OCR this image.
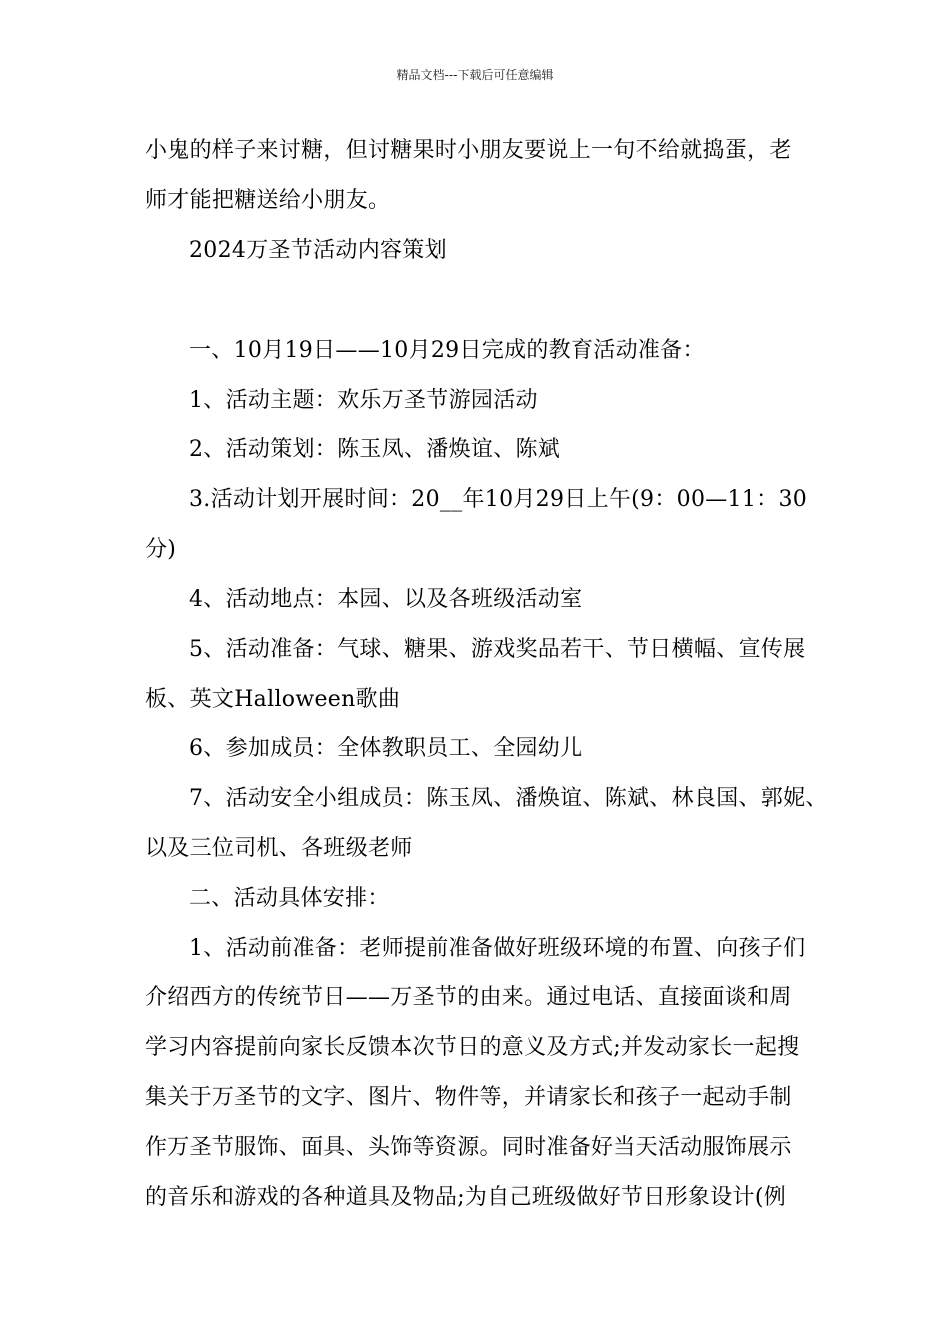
精品文档---下载后可任意编辑
小鬼的样子来讨糖，但讨糖果时小朋友要说上一句不给就捣蛋，老
师才能把糖送给小朋友。
2024万圣节活动内容策划
一、10月19日——10月29日完成的教育活动准备：
1、活动主题：欢乐万圣节游园活动
2、活动策划：陈玉凤、潘焕谊、陈斌
3.活动计划开展时间：20__年10月29日上午(9：00—11：30
分)
4、活动地点：本园、以及各班级活动室
5、活动准备：气球、糖果、游戏奖品若干、节日横幅、宣传展
板、英文Halloween歌曲
6、参加成员：全体教职员工、全园幼儿
7、活动安全小组成员：陈玉凤、潘焕谊、陈斌、林良国、郭妮、
以及三位司机、各班级老师
二、活动具体安排：
1、活动前准备：老师提前准备做好班级环境的布置、向孩子们
介绍西方的传统节日——万圣节的由来。通过电话、直接面谈和周
学习内容提前向家长反馈本次节日的意义及方式;并发动家长一起搜
集关于万圣节的文字、图片、物件等，并请家长和孩子一起动手制
作万圣节服饰、面具、头饰等资源。同时准备好当天活动服饰展示
的音乐和游戏的各种道具及物品;为自己班级做好节日形象设计(例
